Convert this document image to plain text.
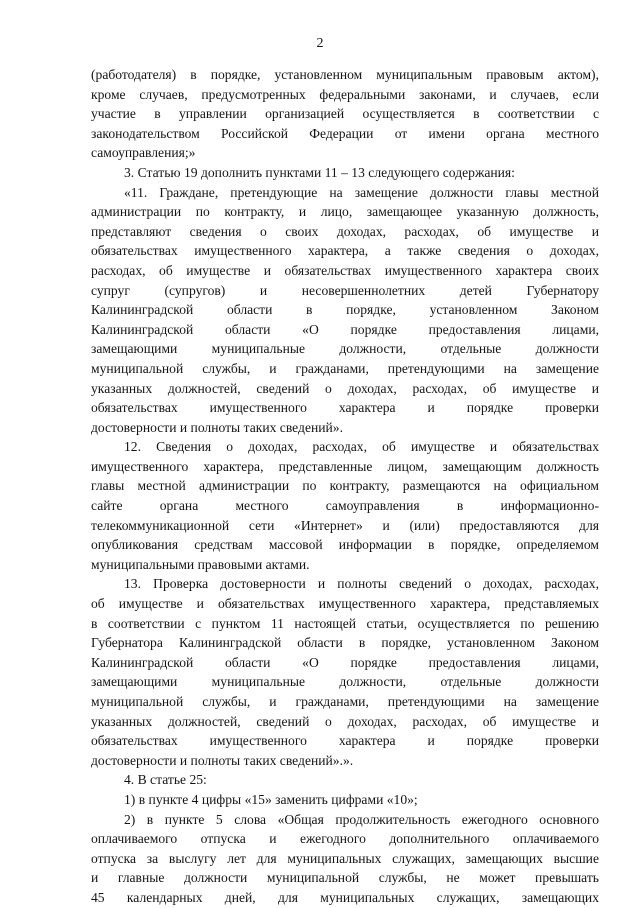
2
(работодателя) в порядке, установленном муниципальным правовым актом),
кроме случаев, предусмотренных федеральными законами, и случаев, если
участие в управлении организацией осуществляется в соответствии с
законодательством Российской Федерации от имени органа местного
самоуправления;»
3. Статью 19 дополнить пунктами 11 – 13 следующего содержания:
«11. Граждане, претендующие на замещение должности главы местной
администрации по контракту, и лицо, замещающее указанную должность,
представляют сведения о своих доходах, расходах, об имуществе и
обязательствах имущественного характера, а также сведения о доходах,
расходах, об имуществе и обязательствах имущественного характера своих
супруг (супругов) и несовершеннолетних детей Губернатору
Калининградской области в порядке, установленном Законом
Калининградской области «О порядке предоставления лицами,
замещающими муниципальные должности, отдельные должности
муниципальной службы, и гражданами, претендующими на замещение
указанных должностей, сведений о доходах, расходах, об имуществе и
обязательствах имущественного характера и порядке проверки
достоверности и полноты таких сведений».
12. Сведения о доходах, расходах, об имуществе и обязательствах
имущественного характера, представленные лицом, замещающим должность
главы местной администрации по контракту, размещаются на официальном
сайте органа местного самоуправления в информационно-
телекоммуникационной сети «Интернет» и (или) предоставляются для
опубликования средствам массовой информации в порядке, определяемом
муниципальными правовыми актами.
13. Проверка достоверности и полноты сведений о доходах, расходах,
об имуществе и обязательствах имущественного характера, представляемых
в соответствии с пунктом 11 настоящей статьи, осуществляется по решению
Губернатора Калининградской области в порядке, установленном Законом
Калининградской области «О порядке предоставления лицами,
замещающими муниципальные должности, отдельные должности
муниципальной службы, и гражданами, претендующими на замещение
указанных должностей, сведений о доходах, расходах, об имуществе и
обязательствах имущественного характера и порядке проверки
достоверности и полноты таких сведений».».
4. В статье 25:
1) в пункте 4 цифры «15» заменить цифрами «10»;
2) в пункте 5 слова «Общая продолжительность ежегодного основного
оплачиваемого отпуска и ежегодного дополнительного оплачиваемого
отпуска за выслугу лет для муниципальных служащих, замещающих высшие
и главные должности муниципальной службы, не может превышать
45 календарных дней, для муниципальных служащих, замещающих
